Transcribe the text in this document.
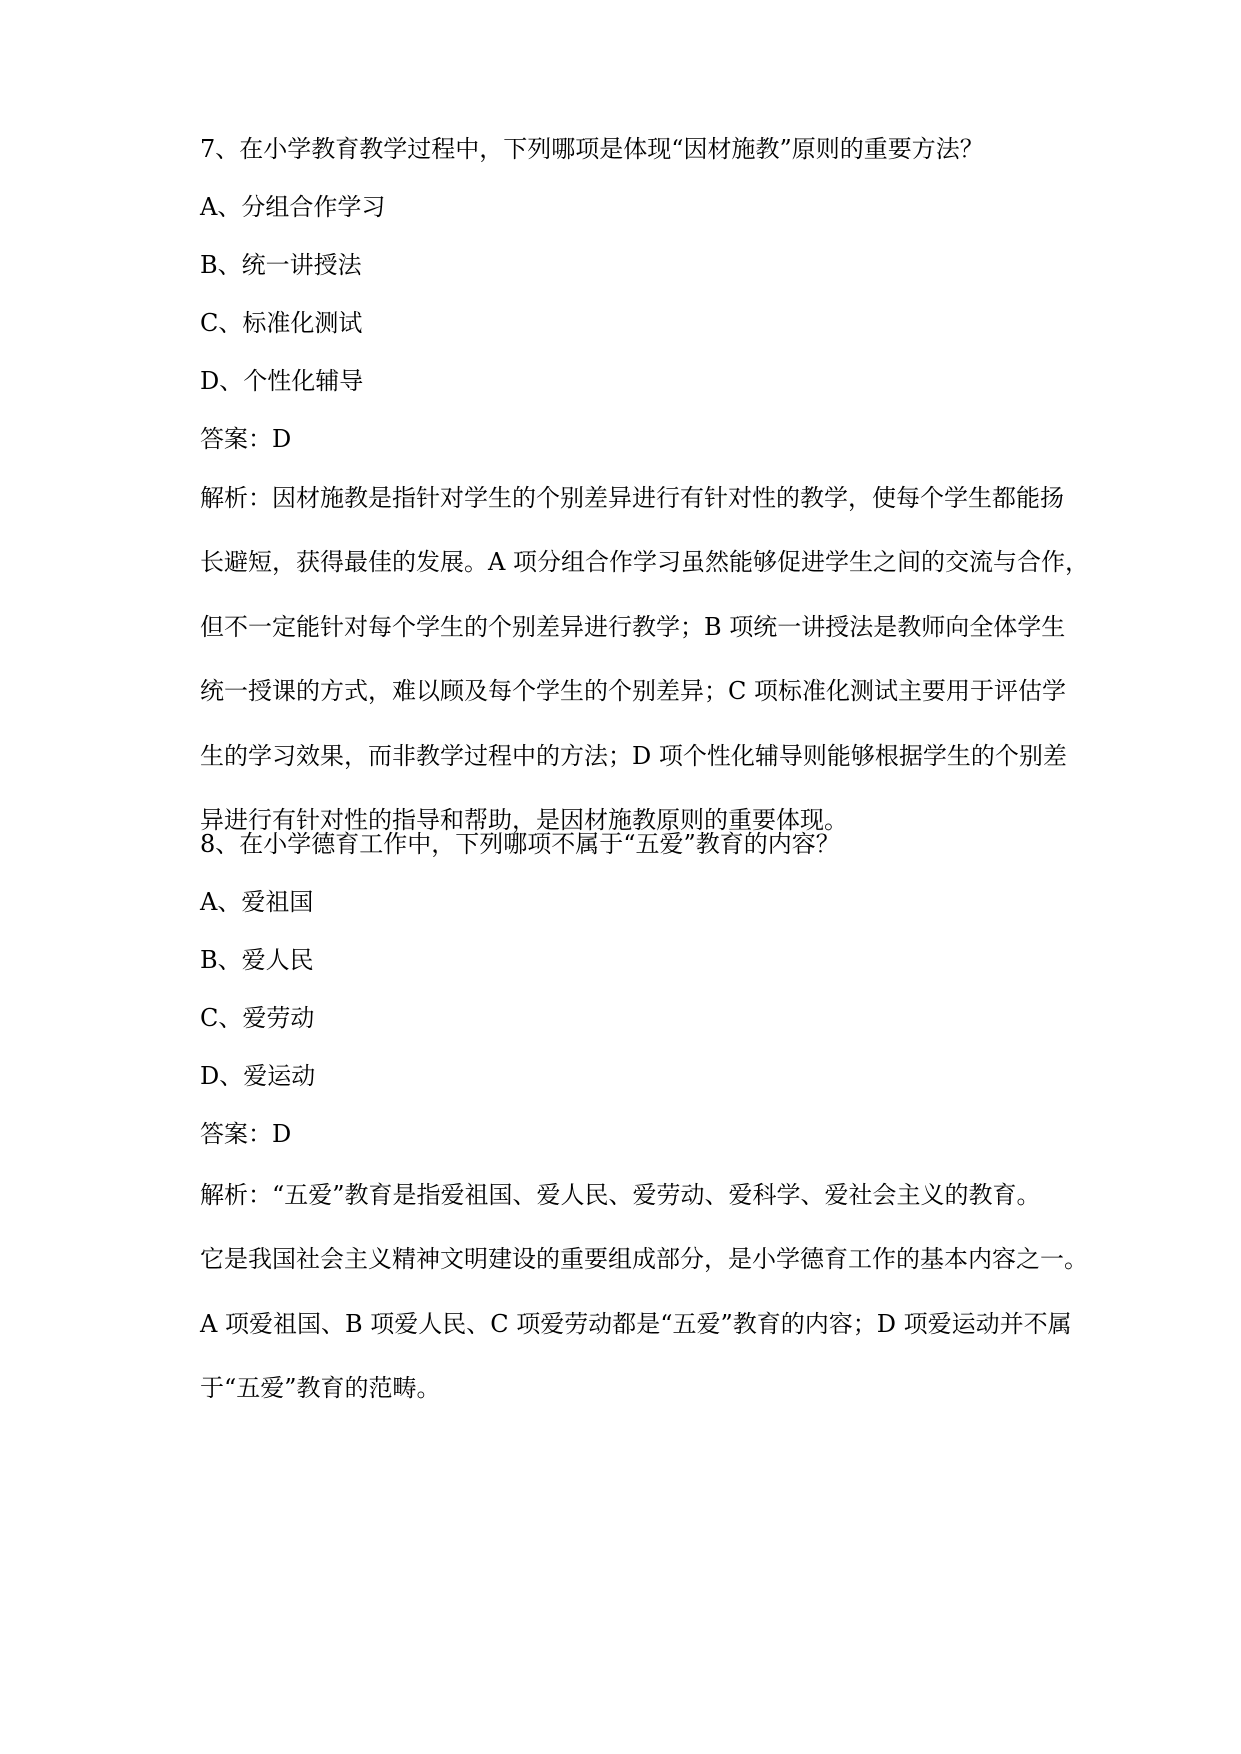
7、在小学教育教学过程中，下列哪项是体现“因材施教”原则的重要方法？
A、分组合作学习
B、统一讲授法
C、标准化测试
D、个性化辅导
答案：D
解析：因材施教是指针对学生的个别差异进行有针对性的教学，使每个学生都能扬
长避短，获得最佳的发展。A 项分组合作学习虽然能够促进学生之间的交流与合作，
但不一定能针对每个学生的个别差异进行教学；B 项统一讲授法是教师向全体学生
统一授课的方式，难以顾及每个学生的个别差异；C 项标准化测试主要用于评估学
生的学习效果，而非教学过程中的方法；D 项个性化辅导则能够根据学生的个别差
异进行有针对性的指导和帮助，是因材施教原则的重要体现。
8、在小学德育工作中，下列哪项不属于“五爱”教育的内容？
A、爱祖国
B、爱人民
C、爱劳动
D、爱运动
答案：D
解析：“五爱”教育是指爱祖国、爱人民、爱劳动、爱科学、爱社会主义的教育。
它是我国社会主义精神文明建设的重要组成部分，是小学德育工作的基本内容之一。
A 项爱祖国、B 项爱人民、C 项爱劳动都是“五爱”教育的内容；D 项爱运动并不属
于“五爱”教育的范畴。
